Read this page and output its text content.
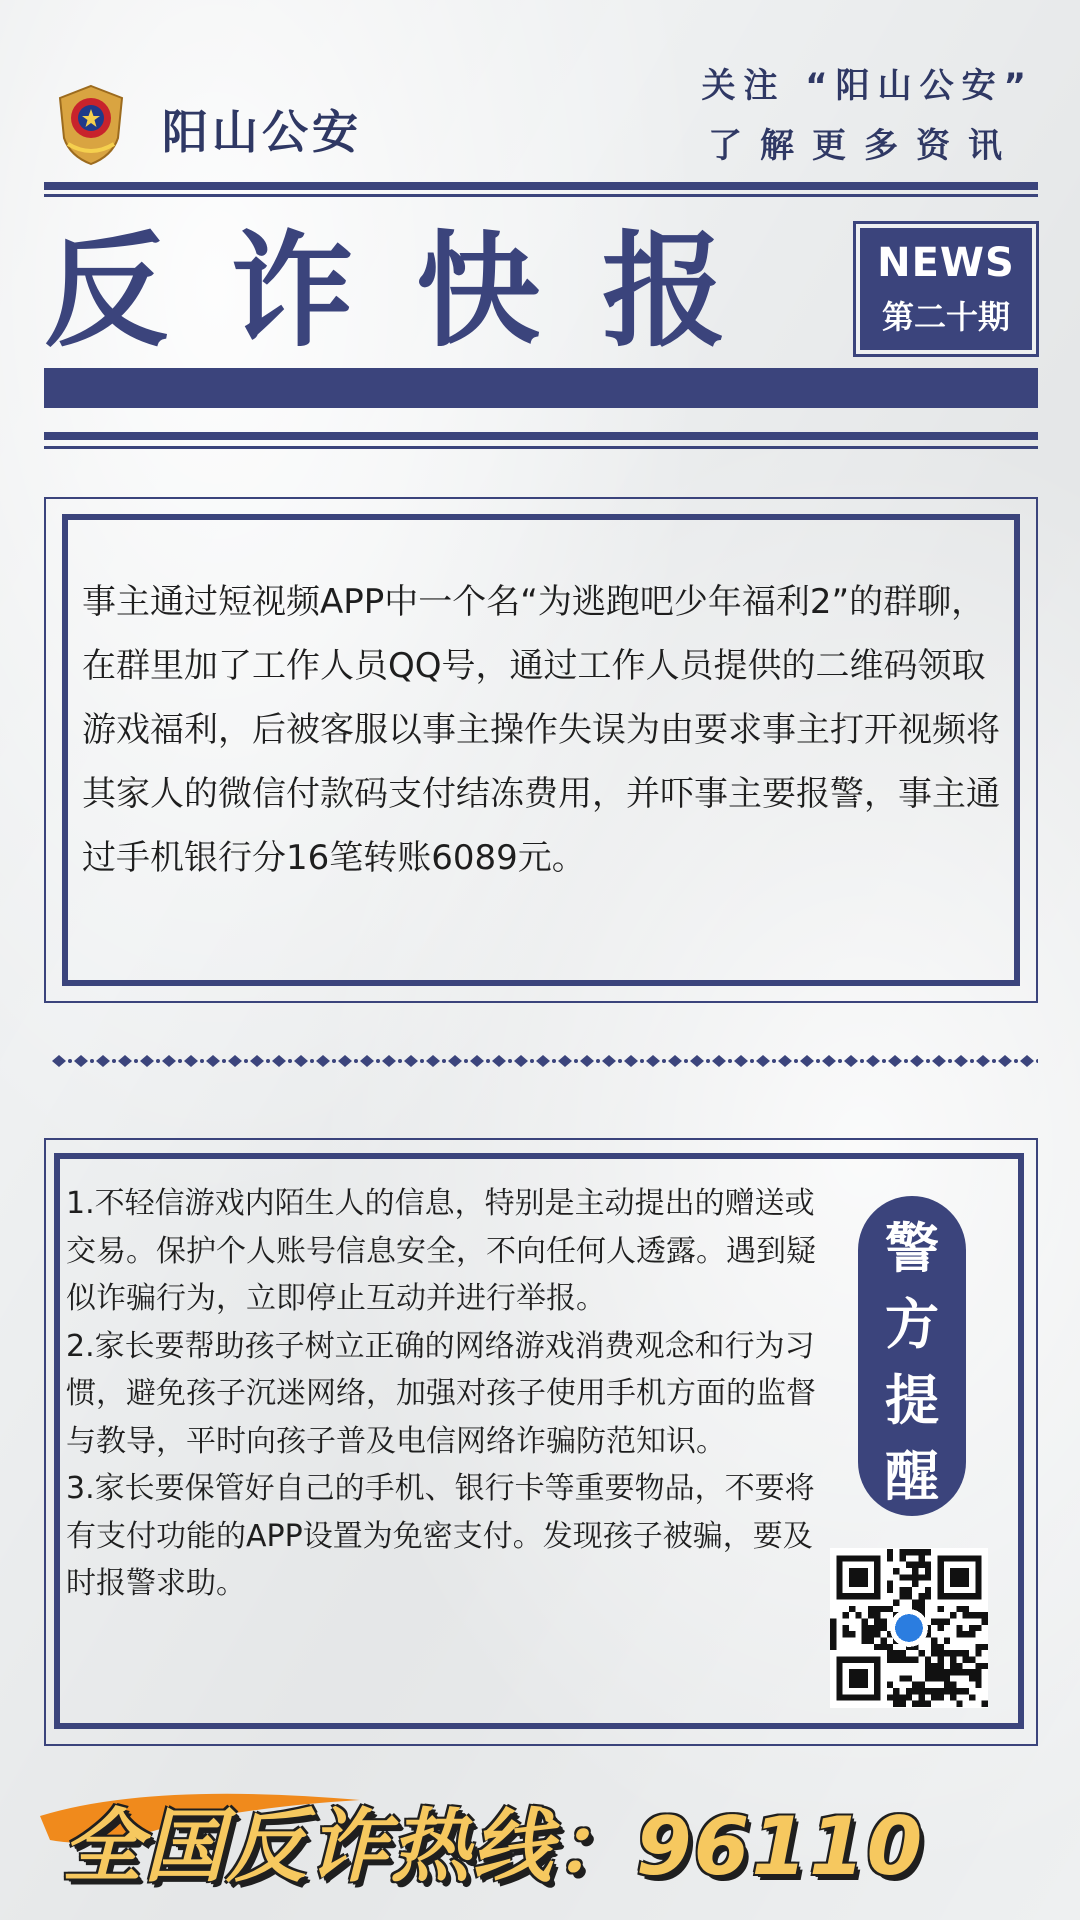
阳山公安
关注 “阳山公安”
了解更多资讯
反诈快报	NEWS
第二十期
事主通过短视频APP中一个名“为逃跑吧少年福利2”的群聊，在群里加了工作人员QQ号，通过工作人员提供的二维码领取游戏福利，后被客服以事主操作失误为由要求事主打开视频将其家人的微信付款码支付结冻费用，并吓事主要报警，事主通过手机银行分16笔转账6089元。
1.不轻信游戏内陌生人的信息，特别是主动提出的赠送或交易。保护个人账号信息安全，不向任何人透露。遇到疑似诈骗行为，立即停止互动并进行举报。
2.家长要帮助孩子树立正确的网络游戏消费观念和行为习惯，避免孩子沉迷网络，加强对孩子使用手机方面的监督与教导，平时向孩子普及电信网络诈骗防范知识。
3.家长要保管好自己的手机、银行卡等重要物品，不要将有支付功能的APP设置为免密支付。发现孩子被骗，要及时报警求助。
警
方
提
醒
全国反诈热线：96110
